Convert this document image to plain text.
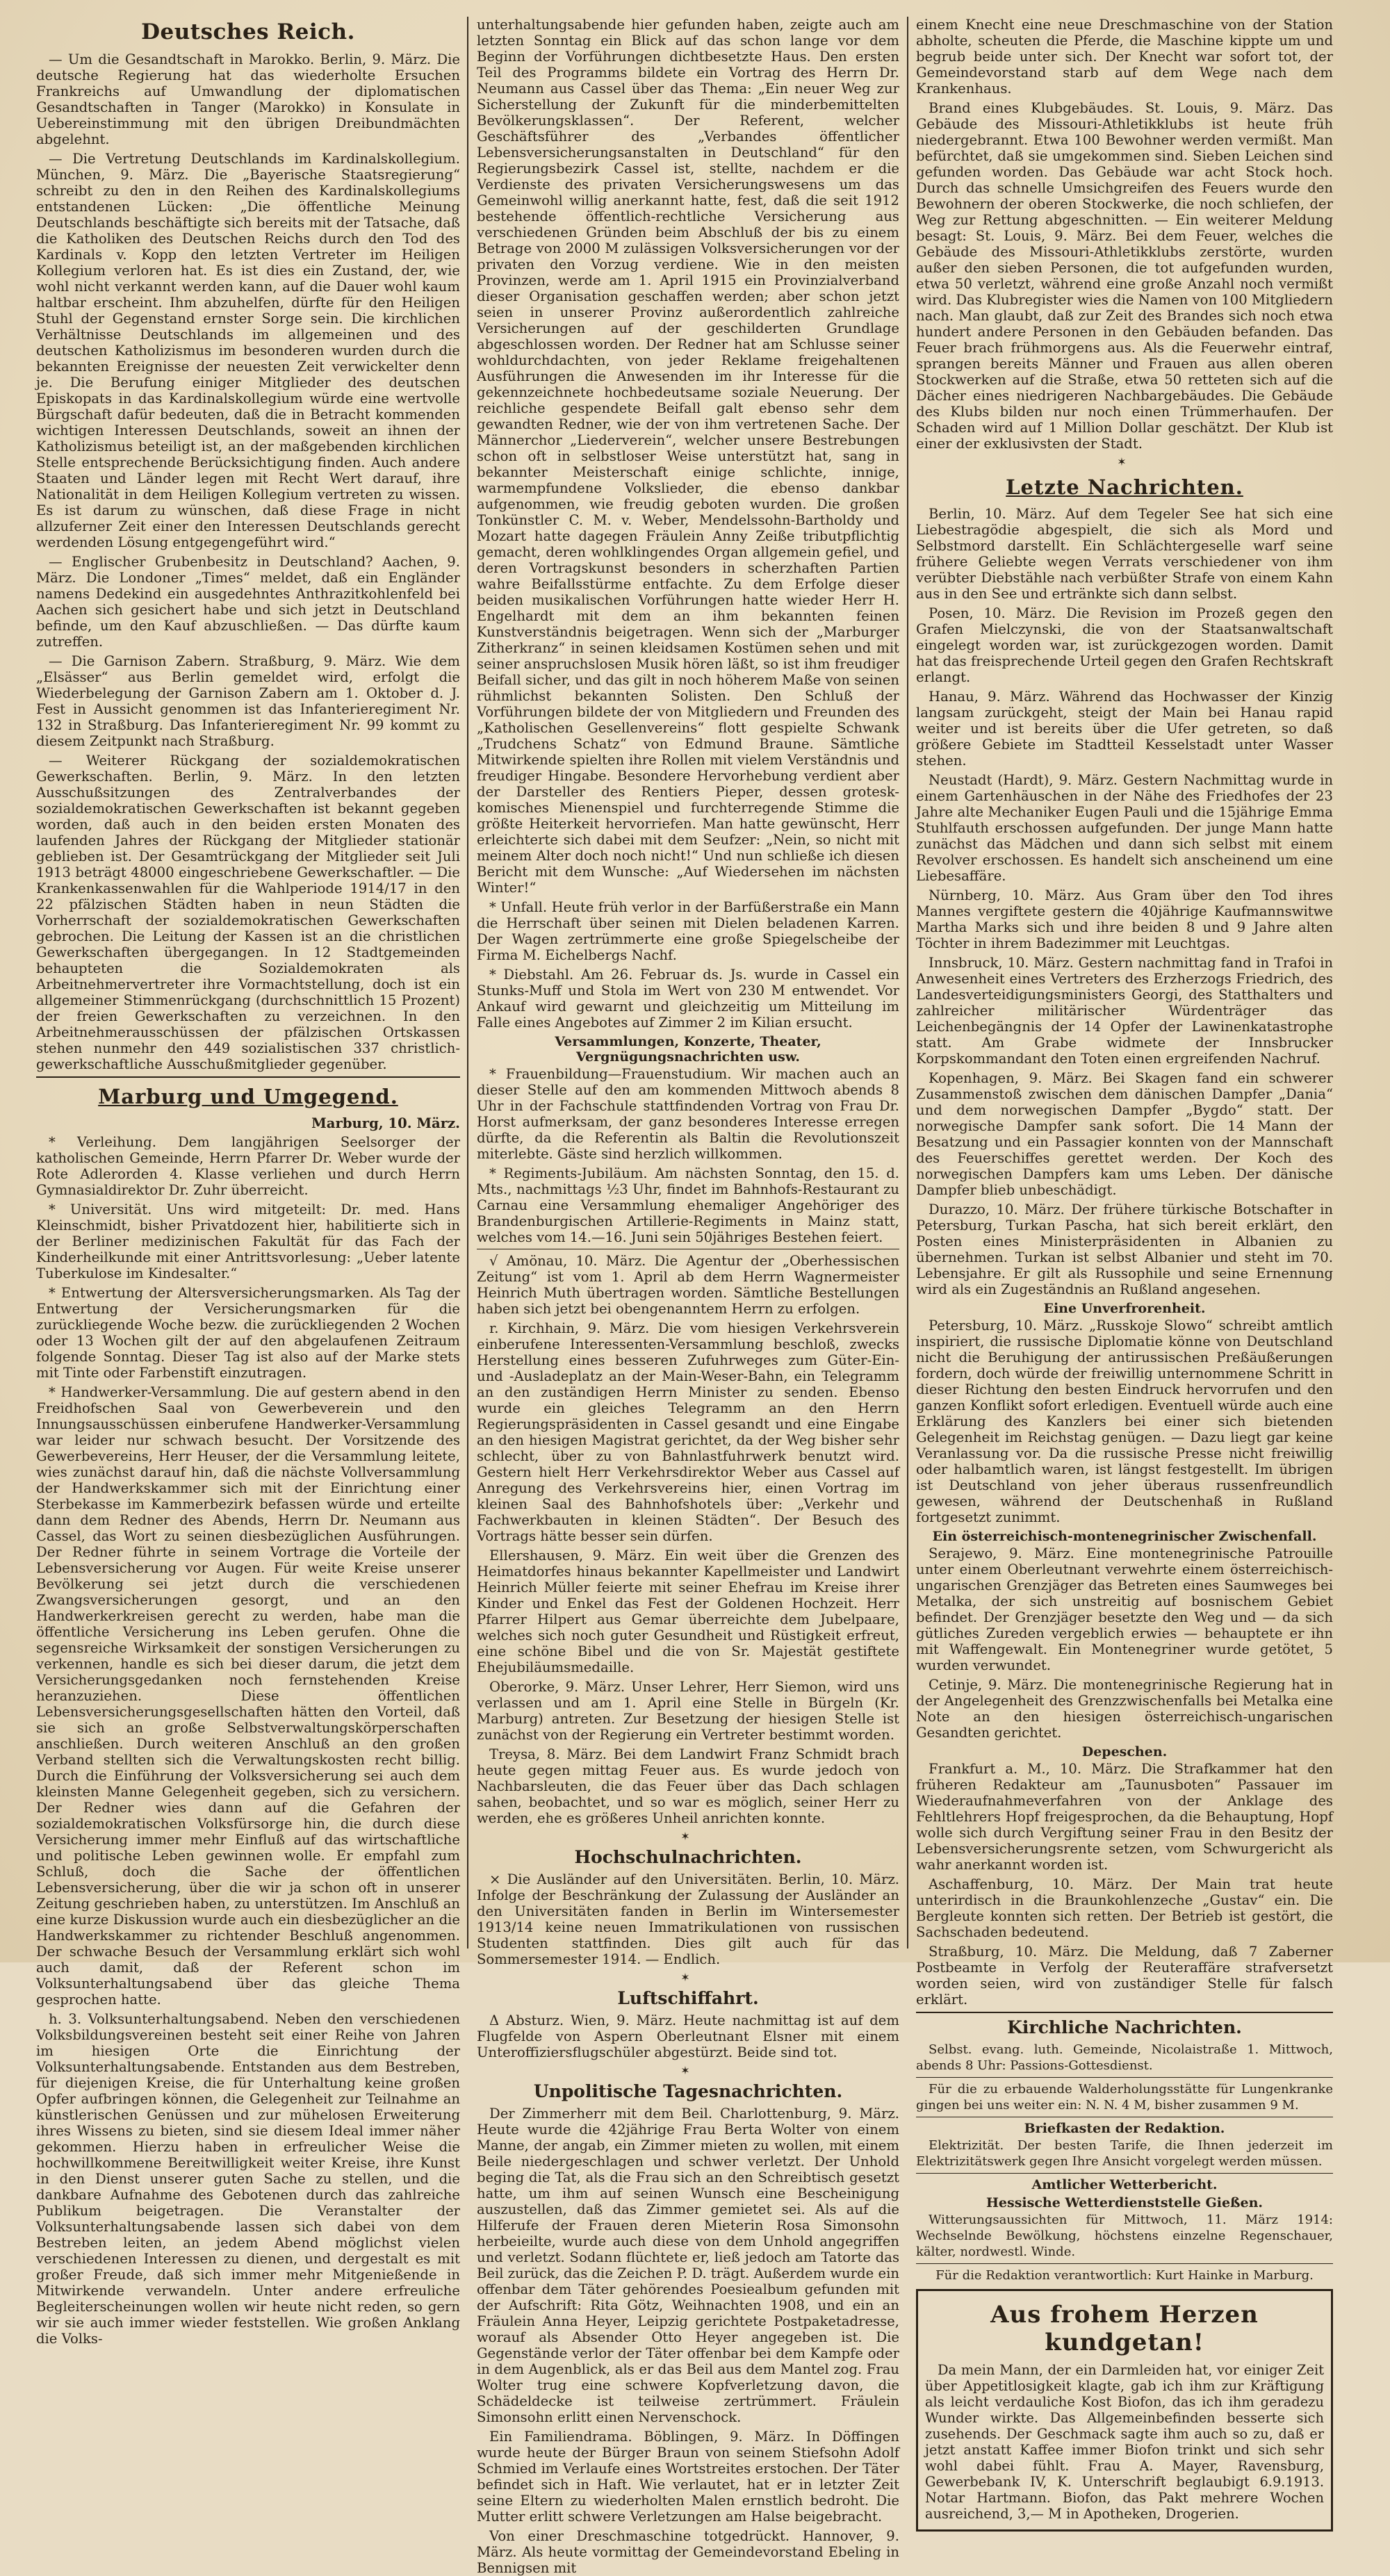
Deutsches Reich.

— Um die Gesandtschaft in Marokko. Berlin, 9. März. Die deutsche Regierung hat das wiederholte Ersuchen Frankreichs auf Umwandlung der diplomatischen Gesandtschaften in Tanger (Marokko) in Konsulate in Uebereinstimmung mit den übrigen Dreibundmächten abgelehnt.

— Die Vertretung Deutschlands im Kardinalskollegium. München, 9. März. Die „Bayerische Staatsregierung“ schreibt zu den in den Reihen des Kardinalskollegiums entstandenen Lücken: „Die öffentliche Meinung Deutschlands beschäftigte sich bereits mit der Tatsache, daß die Katholiken des Deutschen Reichs durch den Tod des Kardinals v. Kopp den letzten Vertreter im Heiligen Kollegium verloren hat. Es ist dies ein Zustand, der, wie wohl nicht verkannt werden kann, auf die Dauer wohl kaum haltbar erscheint. Ihm abzuhelfen, dürfte für den Heiligen Stuhl der Gegenstand ernster Sorge sein. Die kirchlichen Verhältnisse Deutschlands im allgemeinen und des deutschen Katholizismus im besonderen wurden durch die bekannten Ereignisse der neuesten Zeit verwickelter denn je. Die Berufung einiger Mitglieder des deutschen Episkopats in das Kardinalskollegium würde eine wertvolle Bürgschaft dafür bedeuten, daß die in Betracht kommenden wichtigen Interessen Deutschlands, soweit an ihnen der Katholizismus beteiligt ist, an der maßgebenden kirchlichen Stelle entsprechende Berücksichtigung finden. Auch andere Staaten und Länder legen mit Recht Wert darauf, ihre Nationalität in dem Heiligen Kollegium vertreten zu wissen. Es ist darum zu wünschen, daß diese Frage in nicht allzuferner Zeit einer den Interessen Deutschlands gerecht werdenden Lösung entgegengeführt wird.“

— Englischer Grubenbesitz in Deutschland? Aachen, 9. März. Die Londoner „Times“ meldet, daß ein Engländer namens Dedekind ein ausgedehntes Anthrazitkohlenfeld bei Aachen sich gesichert habe und sich jetzt in Deutschland befinde, um den Kauf abzuschließen. — Das dürfte kaum zutreffen.

— Die Garnison Zabern. Straßburg, 9. März. Wie dem „Elsässer“ aus Berlin gemeldet wird, erfolgt die Wiederbelegung der Garnison Zabern am 1. Oktober d. J. Fest in Aussicht genommen ist das Infanterieregiment Nr. 132 in Straßburg. Das Infanterieregiment Nr. 99 kommt zu diesem Zeitpunkt nach Straßburg.

— Weiterer Rückgang der sozialdemokratischen Gewerkschaften. Berlin, 9. März. In den letzten Ausschußsitzungen des Zentralverbandes der sozialdemokratischen Gewerkschaften ist bekannt gegeben worden, daß auch in den beiden ersten Monaten des laufenden Jahres der Rückgang der Mitglieder stationär geblieben ist. Der Gesamtrückgang der Mitglieder seit Juli 1913 beträgt 48000 eingeschriebene Gewerkschaftler. — Die Krankenkassenwahlen für die Wahlperiode 1914/17 in den 22 pfälzischen Städten haben in neun Städten die Vorherrschaft der sozialdemokratischen Gewerkschaften gebrochen. Die Leitung der Kassen ist an die christlichen Gewerkschaften übergegangen. In 12 Stadtgemeinden behaupteten die Sozialdemokraten als Arbeitnehmervertreter ihre Vormachtstellung, doch ist ein allgemeiner Stimmenrückgang (durchschnittlich 15 Prozent) der freien Gewerkschaften zu verzeichnen. In den Arbeitnehmerausschüssen der pfälzischen Ortskassen stehen nunmehr den 449 sozialistischen 337 christlich-gewerkschaftliche Ausschußmitglieder gegenüber.

Marburg und Umgegend.
Marburg, 10. März.

* Verleihung. Dem langjährigen Seelsorger der katholischen Gemeinde, Herrn Pfarrer Dr. Weber wurde der Rote Adlerorden 4. Klasse verliehen und durch Herrn Gymnasialdirektor Dr. Zuhr überreicht.

* Universität. Uns wird mitgeteilt: Dr. med. Hans Kleinschmidt, bisher Privatdozent hier, habilitierte sich in der Berliner medizinischen Fakultät für das Fach der Kinderheilkunde mit einer Antrittsvorlesung: „Ueber latente Tuberkulose im Kindesalter.“

* Entwertung der Altersversicherungsmarken. Als Tag der Entwertung der Versicherungsmarken für die zurückliegende Woche bezw. die zurückliegenden 2 Wochen oder 13 Wochen gilt der auf den abgelaufenen Zeitraum folgende Sonntag. Dieser Tag ist also auf der Marke stets mit Tinte oder Farbenstift einzutragen.

* Handwerker-Versammlung. Die auf gestern abend in den Freidhofschen Saal von Gewerbeverein und den Innungsausschüssen einberufene Handwerker-Versammlung war leider nur schwach besucht. Der Vorsitzende des Gewerbevereins, Herr Heuser, der die Versammlung leitete, wies zunächst darauf hin, daß die nächste Vollversammlung der Handwerkskammer sich mit der Einrichtung einer Sterbekasse im Kammerbezirk befassen würde und erteilte dann dem Redner des Abends, Herrn Dr. Neumann aus Cassel, das Wort zu seinen diesbezüglichen Ausführungen. Der Redner führte in seinem Vortrage die Vorteile der Lebensversicherung vor Augen. Für weite Kreise unserer Bevölkerung sei jetzt durch die verschiedenen Zwangsversicherungen gesorgt, und an den Handwerkerkreisen gerecht zu werden, habe man die öffentliche Versicherung ins Leben gerufen. Ohne die segensreiche Wirksamkeit der sonstigen Versicherungen zu verkennen, handle es sich bei dieser darum, die jetzt dem Versicherungsgedanken noch fernstehenden Kreise heranzuziehen. Diese öffentlichen Lebensversicherungsgesellschaften hätten den Vorteil, daß sie sich an große Selbstverwaltungskörperschaften anschließen. Durch weiteren Anschluß an den großen Verband stellten sich die Verwaltungskosten recht billig. Durch die Einführung der Volksversicherung sei auch dem kleinsten Manne Gelegenheit gegeben, sich zu versichern. Der Redner wies dann auf die Gefahren der sozialdemokratischen Volksfürsorge hin, die durch diese Versicherung immer mehr Einfluß auf das wirtschaftliche und politische Leben gewinnen wolle. Er empfahl zum Schluß, doch die Sache der öffentlichen Lebensversicherung, über die wir ja schon oft in unserer Zeitung geschrieben haben, zu unterstützen. Im Anschluß an eine kurze Diskussion wurde auch ein diesbezüglicher an die Handwerkskammer zu richtender Beschluß angenommen. Der schwache Besuch der Versammlung erklärt sich wohl auch damit, daß der Referent schon im Volksunterhaltungsabend über das gleiche Thema gesprochen hatte.

h. 3. Volksunterhaltungsabend. Neben den verschiedenen Volksbildungsvereinen besteht seit einer Reihe von Jahren im hiesigen Orte die Einrichtung der Volksunterhaltungsabende. Entstanden aus dem Bestreben, für diejenigen Kreise, die für Unterhaltung keine großen Opfer aufbringen können, die Gelegenheit zur Teilnahme an künstlerischen Genüssen und zur mühelosen Erweiterung ihres Wissens zu bieten, sind sie diesem Ideal immer näher gekommen. Hierzu haben in erfreulicher Weise die hochwillkommene Bereitwilligkeit weiter Kreise, ihre Kunst in den Dienst unserer guten Sache zu stellen, und die dankbare Aufnahme des Gebotenen durch das zahlreiche Publikum beigetragen. Die Veranstalter der Volksunterhaltungsabende lassen sich dabei von dem Bestreben leiten, an jedem Abend möglichst vielen verschiedenen Interessen zu dienen, und dergestalt es mit großer Freude, daß sich immer mehr Mitgenießende in Mitwirkende verwandeln. Unter andere erfreuliche Begleiterscheinungen wollen wir heute nicht reden, so gern wir sie auch immer wieder feststellen. Wie großen Anklang die Volks-

unterhaltungsabende hier gefunden haben, zeigte auch am letzten Sonntag ein Blick auf das schon lange vor dem Beginn der Vorführungen dichtbesetzte Haus. Den ersten Teil des Programms bildete ein Vortrag des Herrn Dr. Neumann aus Cassel über das Thema: „Ein neuer Weg zur Sicherstellung der Zukunft für die minderbemittelten Bevölkerungsklassen“. Der Referent, welcher Geschäftsführer des „Verbandes öffentlicher Lebensversicherungsanstalten in Deutschland“ für den Regierungsbezirk Cassel ist, stellte, nachdem er die Verdienste des privaten Versicherungswesens um das Gemeinwohl willig anerkannt hatte, fest, daß die seit 1912 bestehende öffentlich-rechtliche Versicherung aus verschiedenen Gründen beim Abschluß der bis zu einem Betrage von 2000 M zulässigen Volksversicherungen vor der privaten den Vorzug verdiene. Wie in den meisten Provinzen, werde am 1. April 1915 ein Provinzialverband dieser Organisation geschaffen werden; aber schon jetzt seien in unserer Provinz außerordentlich zahlreiche Versicherungen auf der geschilderten Grundlage abgeschlossen worden. Der Redner hat am Schlusse seiner wohldurchdachten, von jeder Reklame freigehaltenen Ausführungen die Anwesenden im ihr Interesse für die gekennzeichnete hochbedeutsame soziale Neuerung. Der reichliche gespendete Beifall galt ebenso sehr dem gewandten Redner, wie der von ihm vertretenen Sache. Der Männerchor „Liederverein“, welcher unsere Bestrebungen schon oft in selbstloser Weise unterstützt hat, sang in bekannter Meisterschaft einige schlichte, innige, warmempfundene Volkslieder, die ebenso dankbar aufgenommen, wie freudig geboten wurden. Die großen Tonkünstler C. M. v. Weber, Mendelssohn-Bartholdy und Mozart hatte dagegen Fräulein Anny Zeiße tributpflichtig gemacht, deren wohlklingendes Organ allgemein gefiel, und deren Vortragskunst besonders in scherzhaften Partien wahre Beifallsstürme entfachte. Zu dem Erfolge dieser beiden musikalischen Vorführungen hatte wieder Herr H. Engelhardt mit dem an ihm bekannten feinen Kunstverständnis beigetragen. Wenn sich der „Marburger Zitherkranz“ in seinen kleidsamen Kostümen sehen und mit seiner anspruchslosen Musik hören läßt, so ist ihm freudiger Beifall sicher, und das gilt in noch höherem Maße von seinen rühmlichst bekannten Solisten. Den Schluß der Vorführungen bildete der von Mitgliedern und Freunden des „Katholischen Gesellenvereins“ flott gespielte Schwank „Trudchens Schatz“ von Edmund Braune. Sämtliche Mitwirkende spielten ihre Rollen mit vielem Verständnis und freudiger Hingabe. Besondere Hervorhebung verdient aber der Darsteller des Rentiers Pieper, dessen grotesk-komisches Mienenspiel und furchterregende Stimme die größte Heiterkeit hervorriefen. Man hatte gewünscht, Herr erleichterte sich dabei mit dem Seufzer: „Nein, so nicht mit meinem Alter doch noch nicht!“ Und nun schließe ich diesen Bericht mit dem Wunsche: „Auf Wiedersehen im nächsten Winter!“

* Unfall. Heute früh verlor in der Barfüßerstraße ein Mann die Herrschaft über seinen mit Dielen beladenen Karren. Der Wagen zertrümmerte eine große Spiegelscheibe der Firma M. Eichelbergs Nachf.

* Diebstahl. Am 26. Februar ds. Js. wurde in Cassel ein Stunks-Muff und Stola im Wert von 230 M entwendet. Vor Ankauf wird gewarnt und gleichzeitig um Mitteilung im Falle eines Angebotes auf Zimmer 2 im Kilian ersucht.

Versammlungen, Konzerte, Theater, Vergnügungsnachrichten usw.

* Frauenbildung—Frauenstudium. Wir machen auch an dieser Stelle auf den am kommenden Mittwoch abends 8 Uhr in der Fachschule stattfindenden Vortrag von Frau Dr. Horst aufmerksam, der ganz besonderes Interesse erregen dürfte, da die Referentin als Baltin die Revolutionszeit miterlebte. Gäste sind herzlich willkommen.

* Regiments-Jubiläum. Am nächsten Sonntag, den 15. d. Mts., nachmittags ½3 Uhr, findet im Bahnhofs-Restaurant zu Carnau eine Versammlung ehemaliger Angehöriger des Brandenburgischen Artillerie-Regiments in Mainz statt, welches vom 14.—16. Juni sein 50jähriges Bestehen feiert.

√ Amönau, 10. März. Die Agentur der „Oberhessischen Zeitung“ ist vom 1. April ab dem Herrn Wagnermeister Heinrich Muth übertragen worden. Sämtliche Bestellungen haben sich jetzt bei obengenanntem Herrn zu erfolgen.

r. Kirchhain, 9. März. Die vom hiesigen Verkehrsverein einberufene Interessenten-Versammlung beschloß, zwecks Herstellung eines besseren Zufuhrweges zum Güter-Ein- und -Ausladeplatz an der Main-Weser-Bahn, ein Telegramm an den zuständigen Herrn Minister zu senden. Ebenso wurde ein gleiches Telegramm an den Herrn Regierungspräsidenten in Cassel gesandt und eine Eingabe an den hiesigen Magistrat gerichtet, da der Weg bisher sehr schlecht, über zu von Bahnlastfuhrwerk benutzt wird. Gestern hielt Herr Verkehrsdirektor Weber aus Cassel auf Anregung des Verkehrsvereins hier, einen Vortrag im kleinen Saal des Bahnhofshotels über: „Verkehr und Fachwerkbauten in kleinen Städten“. Der Besuch des Vortrags hätte besser sein dürfen.

Ellershausen, 9. März. Ein weit über die Grenzen des Heimatdorfes hinaus bekannter Kapellmeister und Landwirt Heinrich Müller feierte mit seiner Ehefrau im Kreise ihrer Kinder und Enkel das Fest der Goldenen Hochzeit. Herr Pfarrer Hilpert aus Gemar überreichte dem Jubelpaare, welches sich noch guter Gesundheit und Rüstigkeit erfreut, eine schöne Bibel und die von Sr. Majestät gestiftete Ehejubiläumsmedaille.

Oberorke, 9. März. Unser Lehrer, Herr Siemon, wird uns verlassen und am 1. April eine Stelle in Bürgeln (Kr. Marburg) antreten. Zur Besetzung der hiesigen Stelle ist zunächst von der Regierung ein Vertreter bestimmt worden.

Treysa, 8. März. Bei dem Landwirt Franz Schmidt brach heute gegen mittag Feuer aus. Es wurde jedoch von Nachbarsleuten, die das Feuer über das Dach schlagen sahen, beobachtet, und so war es möglich, seiner Herr zu werden, ehe es größeres Unheil anrichten konnte.

✶
Hochschulnachrichten.

× Die Ausländer auf den Universitäten. Berlin, 10. März. Infolge der Beschränkung der Zulassung der Ausländer an den Universitäten fanden in Berlin im Wintersemester 1913/14 keine neuen Immatrikulationen von russischen Studenten stattfinden. Dies gilt auch für das Sommersemester 1914. — Endlich.

✶
Luftschiffahrt.

Δ Absturz. Wien, 9. März. Heute nachmittag ist auf dem Flugfelde von Aspern Oberleutnant Elsner mit einem Unteroffiziersflugschüler abgestürzt. Beide sind tot.

✶
Unpolitische Tagesnachrichten.

Der Zimmerherr mit dem Beil. Charlottenburg, 9. März. Heute wurde die 42jährige Frau Berta Wolter von einem Manne, der angab, ein Zimmer mieten zu wollen, mit einem Beile niedergeschlagen und schwer verletzt. Der Unhold beging die Tat, als die Frau sich an den Schreibtisch gesetzt hatte, um ihm auf seinen Wunsch eine Bescheinigung auszustellen, daß das Zimmer gemietet sei. Als auf die Hilferufe der Frauen deren Mieterin Rosa Simonsohn herbeieilte, wurde auch diese von dem Unhold angegriffen und verletzt. Sodann flüchtete er, ließ jedoch am Tatorte das Beil zurück, das die Zeichen P. D. trägt. Außerdem wurde ein offenbar dem Täter gehörendes Poesiealbum gefunden mit der Aufschrift: Rita Götz, Weihnachten 1908, und ein an Fräulein Anna Heyer, Leipzig gerichtete Postpaketadresse, worauf als Absender Otto Heyer angegeben ist. Die Gegenstände verlor der Täter offenbar bei dem Kampfe oder in dem Augenblick, als er das Beil aus dem Mantel zog. Frau Wolter trug eine schwere Kopfverletzung davon, die Schädeldecke ist teilweise zertrümmert. Fräulein Simonsohn erlitt einen Nervenschock.

Ein Familiendrama. Böblingen, 9. März. In Döffingen wurde heute der Bürger Braun von seinem Stiefsohn Adolf Schmied im Verlaufe eines Wortstreites erstochen. Der Täter befindet sich in Haft. Wie verlautet, hat er in letzter Zeit seine Eltern zu wiederholten Malen ernstlich bedroht. Die Mutter erlitt schwere Verletzungen am Halse beigebracht.

Von einer Dreschmaschine totgedrückt. Hannover, 9. März. Als heute vormittag der Gemeindevorstand Ebeling in Bennigsen mit

einem Knecht eine neue Dreschmaschine von der Station abholte, scheuten die Pferde, die Maschine kippte um und begrub beide unter sich. Der Knecht war sofort tot, der Gemeindevorstand starb auf dem Wege nach dem Krankenhaus.

Brand eines Klubgebäudes. St. Louis, 9. März. Das Gebäude des Missouri-Athletikklubs ist heute früh niedergebrannt. Etwa 100 Bewohner werden vermißt. Man befürchtet, daß sie umgekommen sind. Sieben Leichen sind gefunden worden. Das Gebäude war acht Stock hoch. Durch das schnelle Umsichgreifen des Feuers wurde den Bewohnern der oberen Stockwerke, die noch schliefen, der Weg zur Rettung abgeschnitten. — Ein weiterer Meldung besagt: St. Louis, 9. März. Bei dem Feuer, welches die Gebäude des Missouri-Athletikklubs zerstörte, wurden außer den sieben Personen, die tot aufgefunden wurden, etwa 50 verletzt, während eine große Anzahl noch vermißt wird. Das Klubregister wies die Namen von 100 Mitgliedern nach. Man glaubt, daß zur Zeit des Brandes sich noch etwa hundert andere Personen in den Gebäuden befanden. Das Feuer brach frühmorgens aus. Als die Feuerwehr eintraf, sprangen bereits Männer und Frauen aus allen oberen Stockwerken auf die Straße, etwa 50 retteten sich auf die Dächer eines niedrigeren Nachbargebäudes. Die Gebäude des Klubs bilden nur noch einen Trümmerhaufen. Der Schaden wird auf 1 Million Dollar geschätzt. Der Klub ist einer der exklusivsten der Stadt.

✶
Letzte Nachrichten.

Berlin, 10. März. Auf dem Tegeler See hat sich eine Liebestragödie abgespielt, die sich als Mord und Selbstmord darstellt. Ein Schlächtergeselle warf seine frühere Geliebte wegen Verrats verschiedener von ihm verübter Diebstähle nach verbüßter Strafe von einem Kahn aus in den See und ertränkte sich dann selbst.

Posen, 10. März. Die Revision im Prozeß gegen den Grafen Mielczynski, die von der Staatsanwaltschaft eingelegt worden war, ist zurückgezogen worden. Damit hat das freisprechende Urteil gegen den Grafen Rechtskraft erlangt.

Hanau, 9. März. Während das Hochwasser der Kinzig langsam zurückgeht, steigt der Main bei Hanau rapid weiter und ist bereits über die Ufer getreten, so daß größere Gebiete im Stadtteil Kesselstadt unter Wasser stehen.

Neustadt (Hardt), 9. März. Gestern Nachmittag wurde in einem Gartenhäuschen in der Nähe des Friedhofes der 23 Jahre alte Mechaniker Eugen Pauli und die 15jährige Emma Stuhlfauth erschossen aufgefunden. Der junge Mann hatte zunächst das Mädchen und dann sich selbst mit einem Revolver erschossen. Es handelt sich anscheinend um eine Liebesaffäre.

Nürnberg, 10. März. Aus Gram über den Tod ihres Mannes vergiftete gestern die 40jährige Kaufmannswitwe Martha Marks sich und ihre beiden 8 und 9 Jahre alten Töchter in ihrem Badezimmer mit Leuchtgas.

Innsbruck, 10. März. Gestern nachmittag fand in Trafoi in Anwesenheit eines Vertreters des Erzherzogs Friedrich, des Landesverteidigungsministers Georgi, des Statthalters und zahlreicher militärischer Würdenträger das Leichenbegängnis der 14 Opfer der Lawinenkatastrophe statt. Am Grabe widmete der Innsbrucker Korpskommandant den Toten einen ergreifenden Nachruf.

Kopenhagen, 9. März. Bei Skagen fand ein schwerer Zusammenstoß zwischen dem dänischen Dampfer „Dania“ und dem norwegischen Dampfer „Bygdo“ statt. Der norwegische Dampfer sank sofort. Die 14 Mann der Besatzung und ein Passagier konnten von der Mannschaft des Feuerschiffes gerettet werden. Der Koch des norwegischen Dampfers kam ums Leben. Der dänische Dampfer blieb unbeschädigt.

Durazzo, 10. März. Der frühere türkische Botschafter in Petersburg, Turkan Pascha, hat sich bereit erklärt, den Posten eines Ministerpräsidenten in Albanien zu übernehmen. Turkan ist selbst Albanier und steht im 70. Lebensjahre. Er gilt als Russophile und seine Ernennung wird als ein Zugeständnis an Rußland angesehen.

Eine Unverfrorenheit.

Petersburg, 10. März. „Russkoje Slowo“ schreibt amtlich inspiriert, die russische Diplomatie könne von Deutschland nicht die Beruhigung der antirussischen Preßäußerungen fordern, doch würde der freiwillig unternommene Schritt in dieser Richtung den besten Eindruck hervorrufen und den ganzen Konflikt sofort erledigen. Eventuell würde auch eine Erklärung des Kanzlers bei einer sich bietenden Gelegenheit im Reichstag genügen. — Dazu liegt gar keine Veranlassung vor. Da die russische Presse nicht freiwillig oder halbamtlich waren, ist längst festgestellt. Im übrigen ist Deutschland von jeher überaus russenfreundlich gewesen, während der Deutschenhaß in Rußland fortgesetzt zunimmt.

Ein österreichisch-montenegrinischer Zwischenfall.

Serajewo, 9. März. Eine montenegrinische Patrouille unter einem Oberleutnant verwehrte einem österreichisch-ungarischen Grenzjäger das Betreten eines Saumweges bei Metalka, der sich unstreitig auf bosnischem Gebiet befindet. Der Grenzjäger besetzte den Weg und — da sich gütliches Zureden vergeblich erwies — behauptete er ihn mit Waffengewalt. Ein Montenegriner wurde getötet, 5 wurden verwundet.

Cetinje, 9. März. Die montenegrinische Regierung hat in der Angelegenheit des Grenzzwischenfalls bei Metalka eine Note an den hiesigen österreichisch-ungarischen Gesandten gerichtet.

Depeschen.

Frankfurt a. M., 10. März. Die Strafkammer hat den früheren Redakteur am „Taunusboten“ Passauer im Wiederaufnahmeverfahren von der Anklage des Fehltlehrers Hopf freigesprochen, da die Behauptung, Hopf wolle sich durch Vergiftung seiner Frau in den Besitz der Lebensversicherungsrente setzen, vom Schwurgericht als wahr anerkannt worden ist.

Aschaffenburg, 10. März. Der Main trat heute unterirdisch in die Braunkohlenzeche „Gustav“ ein. Die Bergleute konnten sich retten. Der Betrieb ist gestört, die Sachschaden bedeutend.

Straßburg, 10. März. Die Meldung, daß 7 Zaberner Postbeamte in Verfolg der Reuteraffäre strafversetzt worden seien, wird von zuständiger Stelle für falsch erklärt.

Kirchliche Nachrichten.

Selbst. evang. luth. Gemeinde, Nicolaistraße 1. Mittwoch, abends 8 Uhr: Passions-Gottesdienst.

Für die zu erbauende Walderholungsstätte für Lungenkranke gingen bei uns weiter ein: N. N. 4 M, bisher zusammen 9 M.

Briefkasten der Redaktion.

Elektrizität. Der besten Tarife, die Ihnen jederzeit im Elektrizitätswerk gegen Ihre Ansicht vorgelegt werden müssen.

Amtlicher Wetterbericht.
Hessische Wetterdienststelle Gießen.

Witterungsaussichten für Mittwoch, 11. März 1914: Wechselnde Bewölkung, höchstens einzelne Regenschauer, kälter, nordwestl. Winde.

Für die Redaktion verantwortlich: Kurt Hainke in Marburg.

Aus frohem Herzen kundgetan!

Da mein Mann, der ein Darmleiden hat, vor einiger Zeit über Appetitlosigkeit klagte, gab ich ihm zur Kräftigung als leicht verdauliche Kost Biofon, das ich ihm geradezu Wunder wirkte. Das Allgemeinbefinden besserte sich zusehends. Der Geschmack sagte ihm auch so zu, daß er jetzt anstatt Kaffee immer Biofon trinkt und sich sehr wohl dabei fühlt. Frau A. Mayer, Ravensburg, Gewerbebank IV, K. Unterschrift beglaubigt 6.9.1913. Notar Hartmann. Biofon, das Pakt mehrere Wochen ausreichend, 3,— M in Apotheken, Drogerien.
